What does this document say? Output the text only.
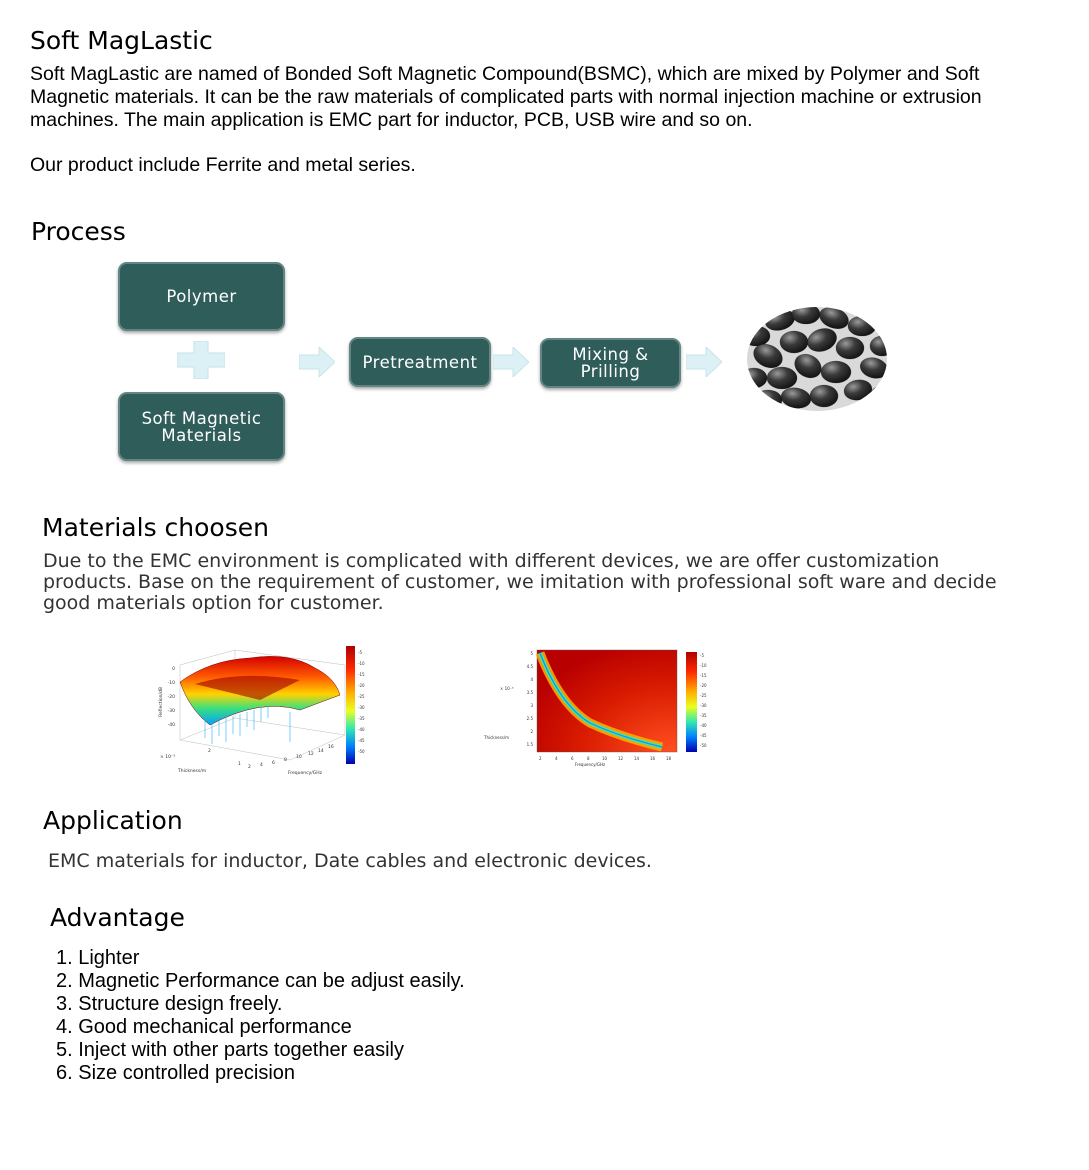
Soft MagLastic
Soft MagLastic are named of Bonded Soft Magnetic Compound(BSMC), which are mixed by Polymer and Soft
Magnetic materials. It can be the raw materials of complicated parts with normal injection machine or extrusion
machines. The main application is EMC part for inductor, PCB, USB wire and so on.
Our product include Ferrite and metal series.
Process
Polymer
Soft Magnetic
Materials
Pretreatment	Mixing &
Prilling
Materials choosen
Due to the EMC environment is complicated with different devices, we are offer customization
products. Base on the requirement of customer, we imitation with professional soft ware and decide
good materials option for customer.
0
-10
-20
-30
-40
Reflection/dB
× 10⁻³
Thickness/m	Frequency/GHz
2
1
2 4 6
8
10
12
14
16
-5
-10
-15
-20
-25
-30
-35
-40
-45
-50
5
4.5
4
3.5
3
2.5
2
1.5
× 10⁻³
Thickness/m
Frequency/GHz
2	4	6	8	10	12	14	16	18
-5
-10
-15
-20
-25
-30
-35
-40
-45
-50
Application
EMC materials for inductor, Date cables and electronic devices.
Advantage
1. Lighter
2. Magnetic Performance can be adjust easily.
3. Structure design freely.
4. Good mechanical performance
5. Inject with other parts together easily
6. Size controlled precision
